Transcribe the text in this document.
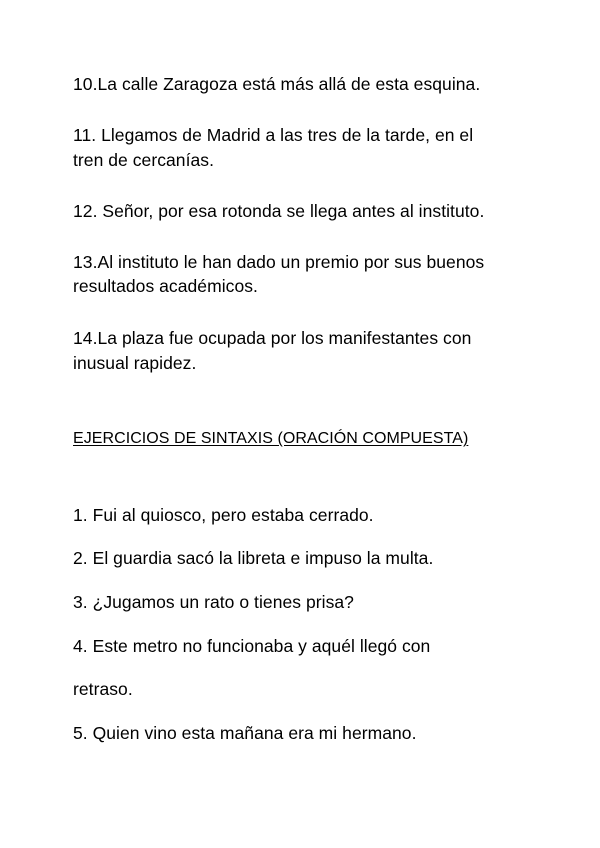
10.La calle Zaragoza está más allá de esta esquina.
11. Llegamos de Madrid a las tres de la tarde, en el
tren de cercanías.
12. Señor, por esa rotonda se llega antes al instituto.
13.Al instituto le han dado un premio por sus buenos
resultados académicos.
14.La plaza fue ocupada por los manifestantes con
inusual rapidez.
EJERCICIOS DE SINTAXIS (ORACIÓN COMPUESTA)
1. Fui al quiosco, pero estaba cerrado.
2. El guardia sacó la libreta e impuso la multa.
3. ¿Jugamos un rato o tienes prisa?
4. Este metro no funcionaba y aquél llegó con
retraso.
5. Quien vino esta mañana era mi hermano.
